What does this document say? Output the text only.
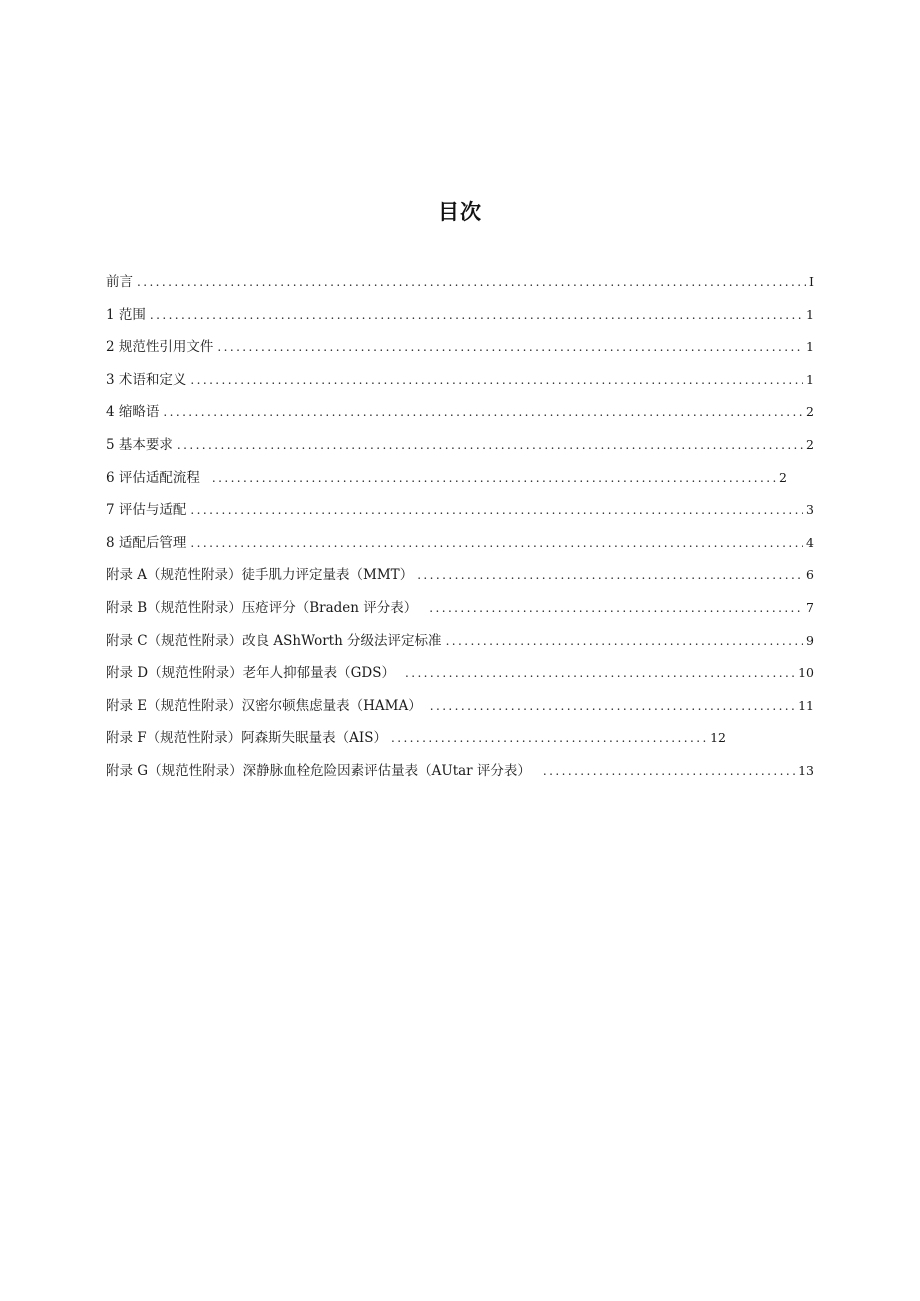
目次
前言 . . .	I
1 范围 . . .	1
2 规范性引用文件 . . .	1
3 术语和定义 . . .	1
4 缩略语 . . .	2
5 基本要求 . . .	2
6 评估适配流程 . . .	2
7 评估与适配 . . .	3
8 适配后管理 . . .	4
附录 A（规范性附录）徒手肌力评定量表（MMT） . . .	6
附录 B（规范性附录）压疮评分（Braden 评分表） . . .	7
附录 C（规范性附录）改良 AShWorth 分级法评定标准 . . .	9
附录 D（规范性附录）老年人抑郁量表（GDS） . . .	10
附录 E（规范性附录）汉密尔顿焦虑量表（HAMA） . . .	11
附录 F（规范性附录）阿森斯失眠量表（AIS） . . .	12
附录 G（规范性附录）深静脉血栓危险因素评估量表（AUtar 评分表） . . .	13
